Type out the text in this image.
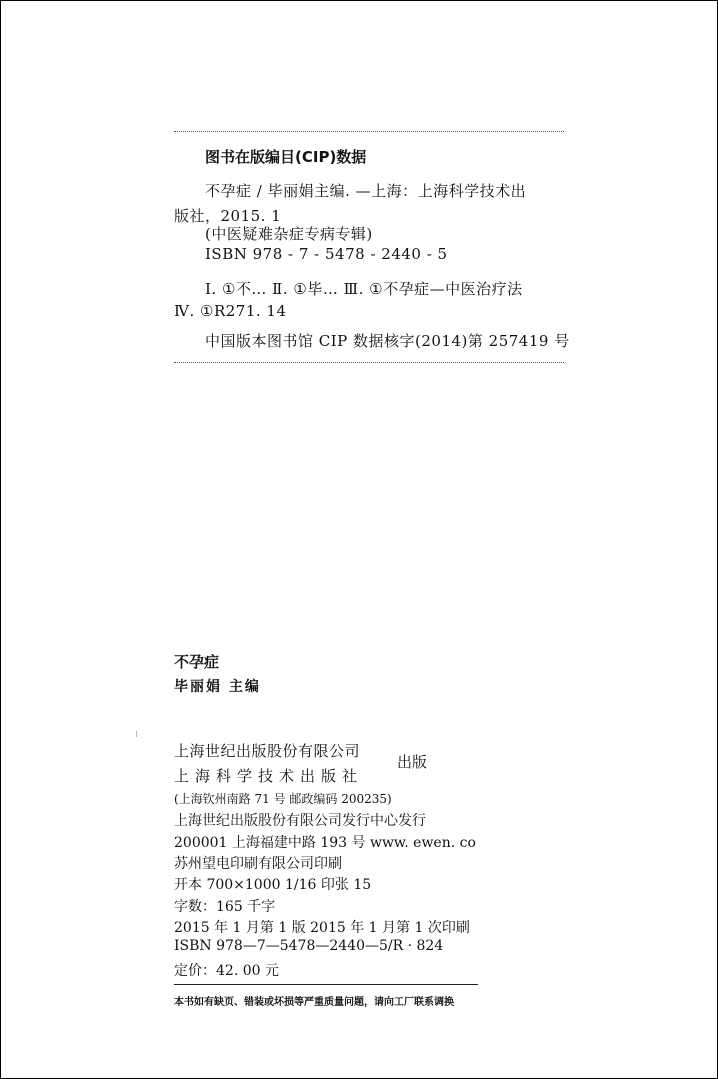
图书在版编目(CIP)数据
不孕症 / 毕丽娟主编. —上海：上海科学技术出
版社，2015. 1
(中医疑难杂症专病专辑)
ISBN 978 - 7 - 5478 - 2440 - 5
Ⅰ. ①不… Ⅱ. ①毕… Ⅲ. ①不孕症—中医治疗法
Ⅳ. ①R271. 14
中国版本图书馆 CIP 数据核字(2014)第 257419 号
不孕症
毕丽娟 主编
上海世纪出版股份有限公司
上海科学技术出版社
出版
(上海钦州南路 71 号 邮政编码 200235)
上海世纪出版股份有限公司发行中心发行
200001 上海福建中路 193 号 www. ewen. co
苏州望电印刷有限公司印刷
开本 700×1000 1/16 印张 15
字数：165 千字
2015 年 1 月第 1 版 2015 年 1 月第 1 次印刷
ISBN 978—7—5478—2440—5/R · 824
定价：42. 00 元
本书如有缺页、错装或坏损等严重质量问题，请向工厂联系调换
